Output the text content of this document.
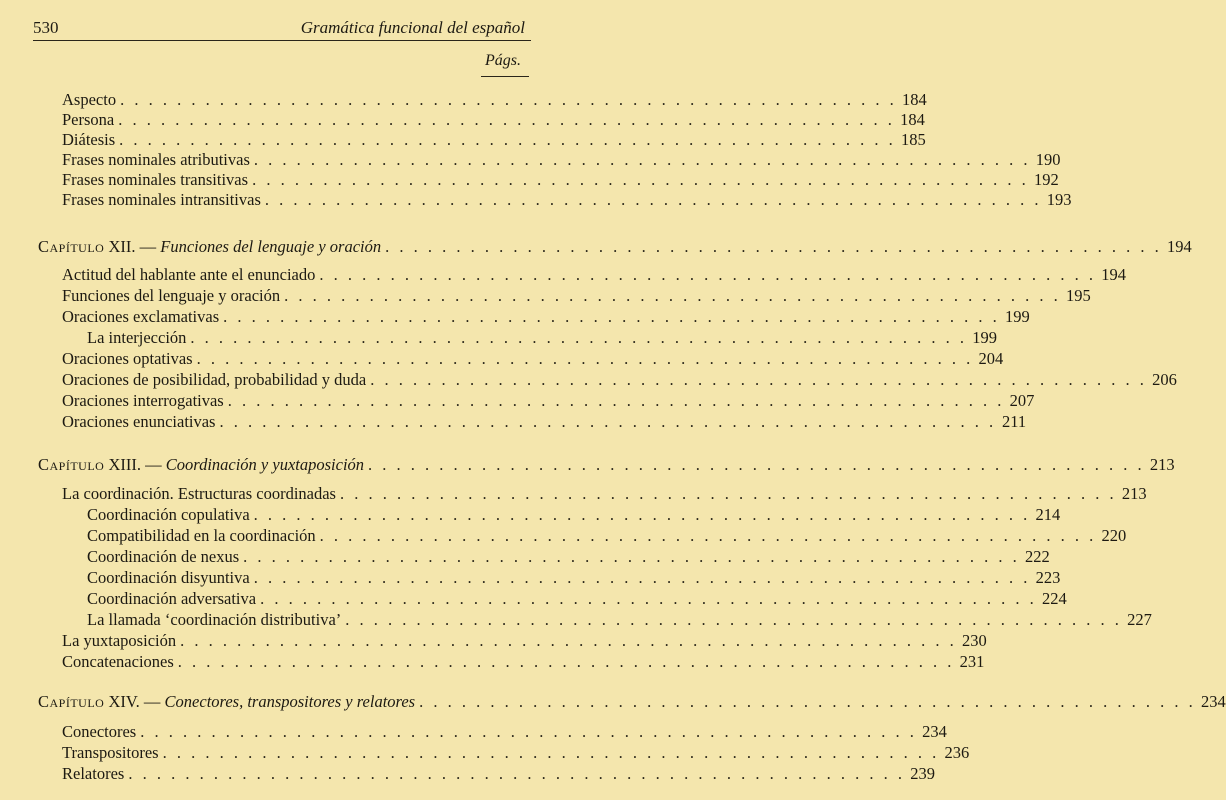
530	Gramática funcional del español
Págs.
Aspecto . . . . . . . . . . . . . . . . . . . . . . . . . . . . . . . . . . . . . . . . . . . . . . . . . . . . . . . 184
Persona . . . . . . . . . . . . . . . . . . . . . . . . . . . . . . . . . . . . . . . . . . . . . . . . . . . . . . . 184
Diátesis . . . . . . . . . . . . . . . . . . . . . . . . . . . . . . . . . . . . . . . . . . . . . . . . . . . . . . . 185
Frases nominales atributivas . . . . . . . . . . . . . . . . . . . . . . . . . . . . . . . . . . . . . . . . . . . . . . . . . . . . . . . 190
Frases nominales transitivas . . . . . . . . . . . . . . . . . . . . . . . . . . . . . . . . . . . . . . . . . . . . . . . . . . . . . . . 192
Frases nominales intransitivas . . . . . . . . . . . . . . . . . . . . . . . . . . . . . . . . . . . . . . . . . . . . . . . . . . . . . . . 193
Capítulo XII. — Funciones del lenguaje y oración . . . . . . . . . . . . . . . . . . . . . . . . . . . . . . . . . . . . . . . . . . . . . . . . . . . . . . . 194
Actitud del hablante ante el enunciado . . . . . . . . . . . . . . . . . . . . . . . . . . . . . . . . . . . . . . . . . . . . . . . . . . . . . . . 194
Funciones del lenguaje y oración . . . . . . . . . . . . . . . . . . . . . . . . . . . . . . . . . . . . . . . . . . . . . . . . . . . . . . . 195
Oraciones exclamativas . . . . . . . . . . . . . . . . . . . . . . . . . . . . . . . . . . . . . . . . . . . . . . . . . . . . . . . 199
La interjección . . . . . . . . . . . . . . . . . . . . . . . . . . . . . . . . . . . . . . . . . . . . . . . . . . . . . . . 199
Oraciones optativas . . . . . . . . . . . . . . . . . . . . . . . . . . . . . . . . . . . . . . . . . . . . . . . . . . . . . . . 204
Oraciones de posibilidad, probabilidad y duda . . . . . . . . . . . . . . . . . . . . . . . . . . . . . . . . . . . . . . . . . . . . . . . . . . . . . . . 206
Oraciones interrogativas . . . . . . . . . . . . . . . . . . . . . . . . . . . . . . . . . . . . . . . . . . . . . . . . . . . . . . . 207
Oraciones enunciativas . . . . . . . . . . . . . . . . . . . . . . . . . . . . . . . . . . . . . . . . . . . . . . . . . . . . . . . 211
Capítulo XIII. — Coordinación y yuxtaposición . . . . . . . . . . . . . . . . . . . . . . . . . . . . . . . . . . . . . . . . . . . . . . . . . . . . . . . 213
La coordinación. Estructuras coordinadas . . . . . . . . . . . . . . . . . . . . . . . . . . . . . . . . . . . . . . . . . . . . . . . . . . . . . . . 213
Coordinación copulativa . . . . . . . . . . . . . . . . . . . . . . . . . . . . . . . . . . . . . . . . . . . . . . . . . . . . . . . 214
Compatibilidad en la coordinación . . . . . . . . . . . . . . . . . . . . . . . . . . . . . . . . . . . . . . . . . . . . . . . . . . . . . . . 220
Coordinación de nexus . . . . . . . . . . . . . . . . . . . . . . . . . . . . . . . . . . . . . . . . . . . . . . . . . . . . . . . 222
Coordinación disyuntiva . . . . . . . . . . . . . . . . . . . . . . . . . . . . . . . . . . . . . . . . . . . . . . . . . . . . . . . 223
Coordinación adversativa . . . . . . . . . . . . . . . . . . . . . . . . . . . . . . . . . . . . . . . . . . . . . . . . . . . . . . . 224
La llamada ‘coordinación distributiva’ . . . . . . . . . . . . . . . . . . . . . . . . . . . . . . . . . . . . . . . . . . . . . . . . . . . . . . . 227
La yuxtaposición . . . . . . . . . . . . . . . . . . . . . . . . . . . . . . . . . . . . . . . . . . . . . . . . . . . . . . . 230
Concatenaciones . . . . . . . . . . . . . . . . . . . . . . . . . . . . . . . . . . . . . . . . . . . . . . . . . . . . . . . 231
Capítulo XIV. — Conectores, transpositores y relatores . . . . . . . . . . . . . . . . . . . . . . . . . . . . . . . . . . . . . . . . . . . . . . . . . . . . . . . 234
Conectores . . . . . . . . . . . . . . . . . . . . . . . . . . . . . . . . . . . . . . . . . . . . . . . . . . . . . . . 234
Transpositores . . . . . . . . . . . . . . . . . . . . . . . . . . . . . . . . . . . . . . . . . . . . . . . . . . . . . . . 236
Relatores . . . . . . . . . . . . . . . . . . . . . . . . . . . . . . . . . . . . . . . . . . . . . . . . . . . . . . . 239
